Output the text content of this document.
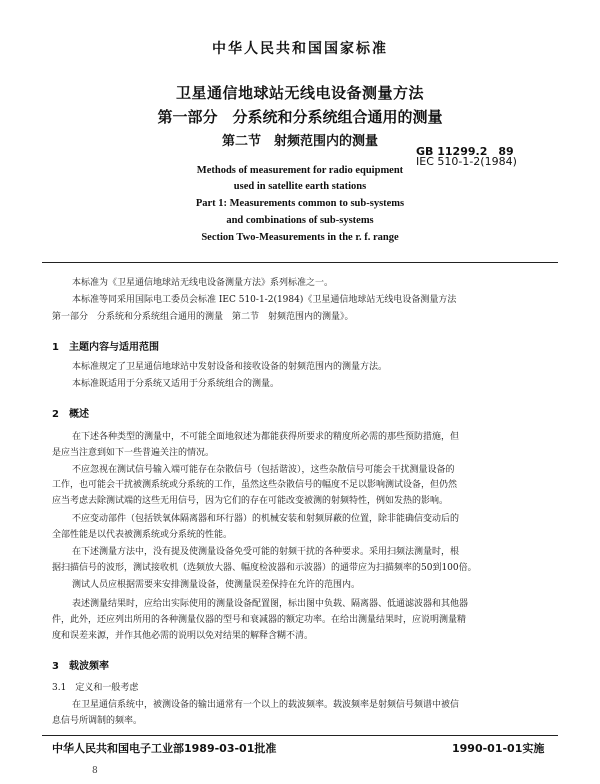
中华人民共和国国家标准
卫星通信地球站无线电设备测量方法
第一部分　分系统和分系统组合通用的测量
第二节　射频范围内的测量
GB 11299.2　89
IEC 510-1-2(1984)
Methods of measurement for radio equipment
used in satellite earth stations
Part 1: Measurements common to sub-systems
and combinations of sub-systems
Section Two-Measurements in the r. f. range
本标准为《卫星通信地球站无线电设备测量方法》系列标准之一。
本标准等同采用国际电工委员会标准 IEC 510-1-2(1984)《卫星通信地球站无线电设备测量方法
第一部分　分系统和分系统组合通用的测量　第二节　射频范围内的测量》。
1　主题内容与适用范围
本标准规定了卫星通信地球站中发射设备和接收设备的射频范围内的测量方法。
本标准既适用于分系统又适用于分系统组合的测量。
2　概述
在下述各种类型的测量中，不可能全面地叙述为都能获得所要求的精度所必需的那些预防措施，但
是应当注意到如下一些普遍关注的情况。
不应忽视在测试信号输入端可能存在杂散信号（包括谐波），这些杂散信号可能会干扰测量设备的
工作，也可能会干扰被测系统或分系统的工作，虽然这些杂散信号的幅度不足以影响测试设备，但仍然
应当考虑去除测试端的这些无用信号，因为它们的存在可能改变被测的射频特性，例如发热的影响。
不应变动部件（包括铁氧体隔离器和环行器）的机械安装和射频屏蔽的位置，除非能确信变动后的
全部性能是以代表被测系统或分系统的性能。
在下述测量方法中，没有提及使测量设备免受可能的射频干扰的各种要求。采用扫频法测量时，根
据扫描信号的波形，测试接收机（选频放大器、幅度检波器和示波器）的通带应为扫描频率的50到100倍。
测试人员应根据需要来安排测量设备，使测量误差保持在允许的范围内。
表述测量结果时，应给出实际使用的测量设备配置图，标出图中负载、隔离器、低通滤波器和其他器
件，此外，还应列出所用的各种测量仪器的型号和衰减器的额定功率。在给出测量结果时，应说明测量精
度和误差来源，并作其他必需的说明以免对结果的解释含糊不清。
3　载波频率
3.1　定义和一般考虑
在卫星通信系统中，被测设备的输出通常有一个以上的载波频率。载波频率是射频信号频谱中被信
息信号所调制的频率。
中华人民共和国电子工业部1989-03-01批准	1990-01-01实施
8
